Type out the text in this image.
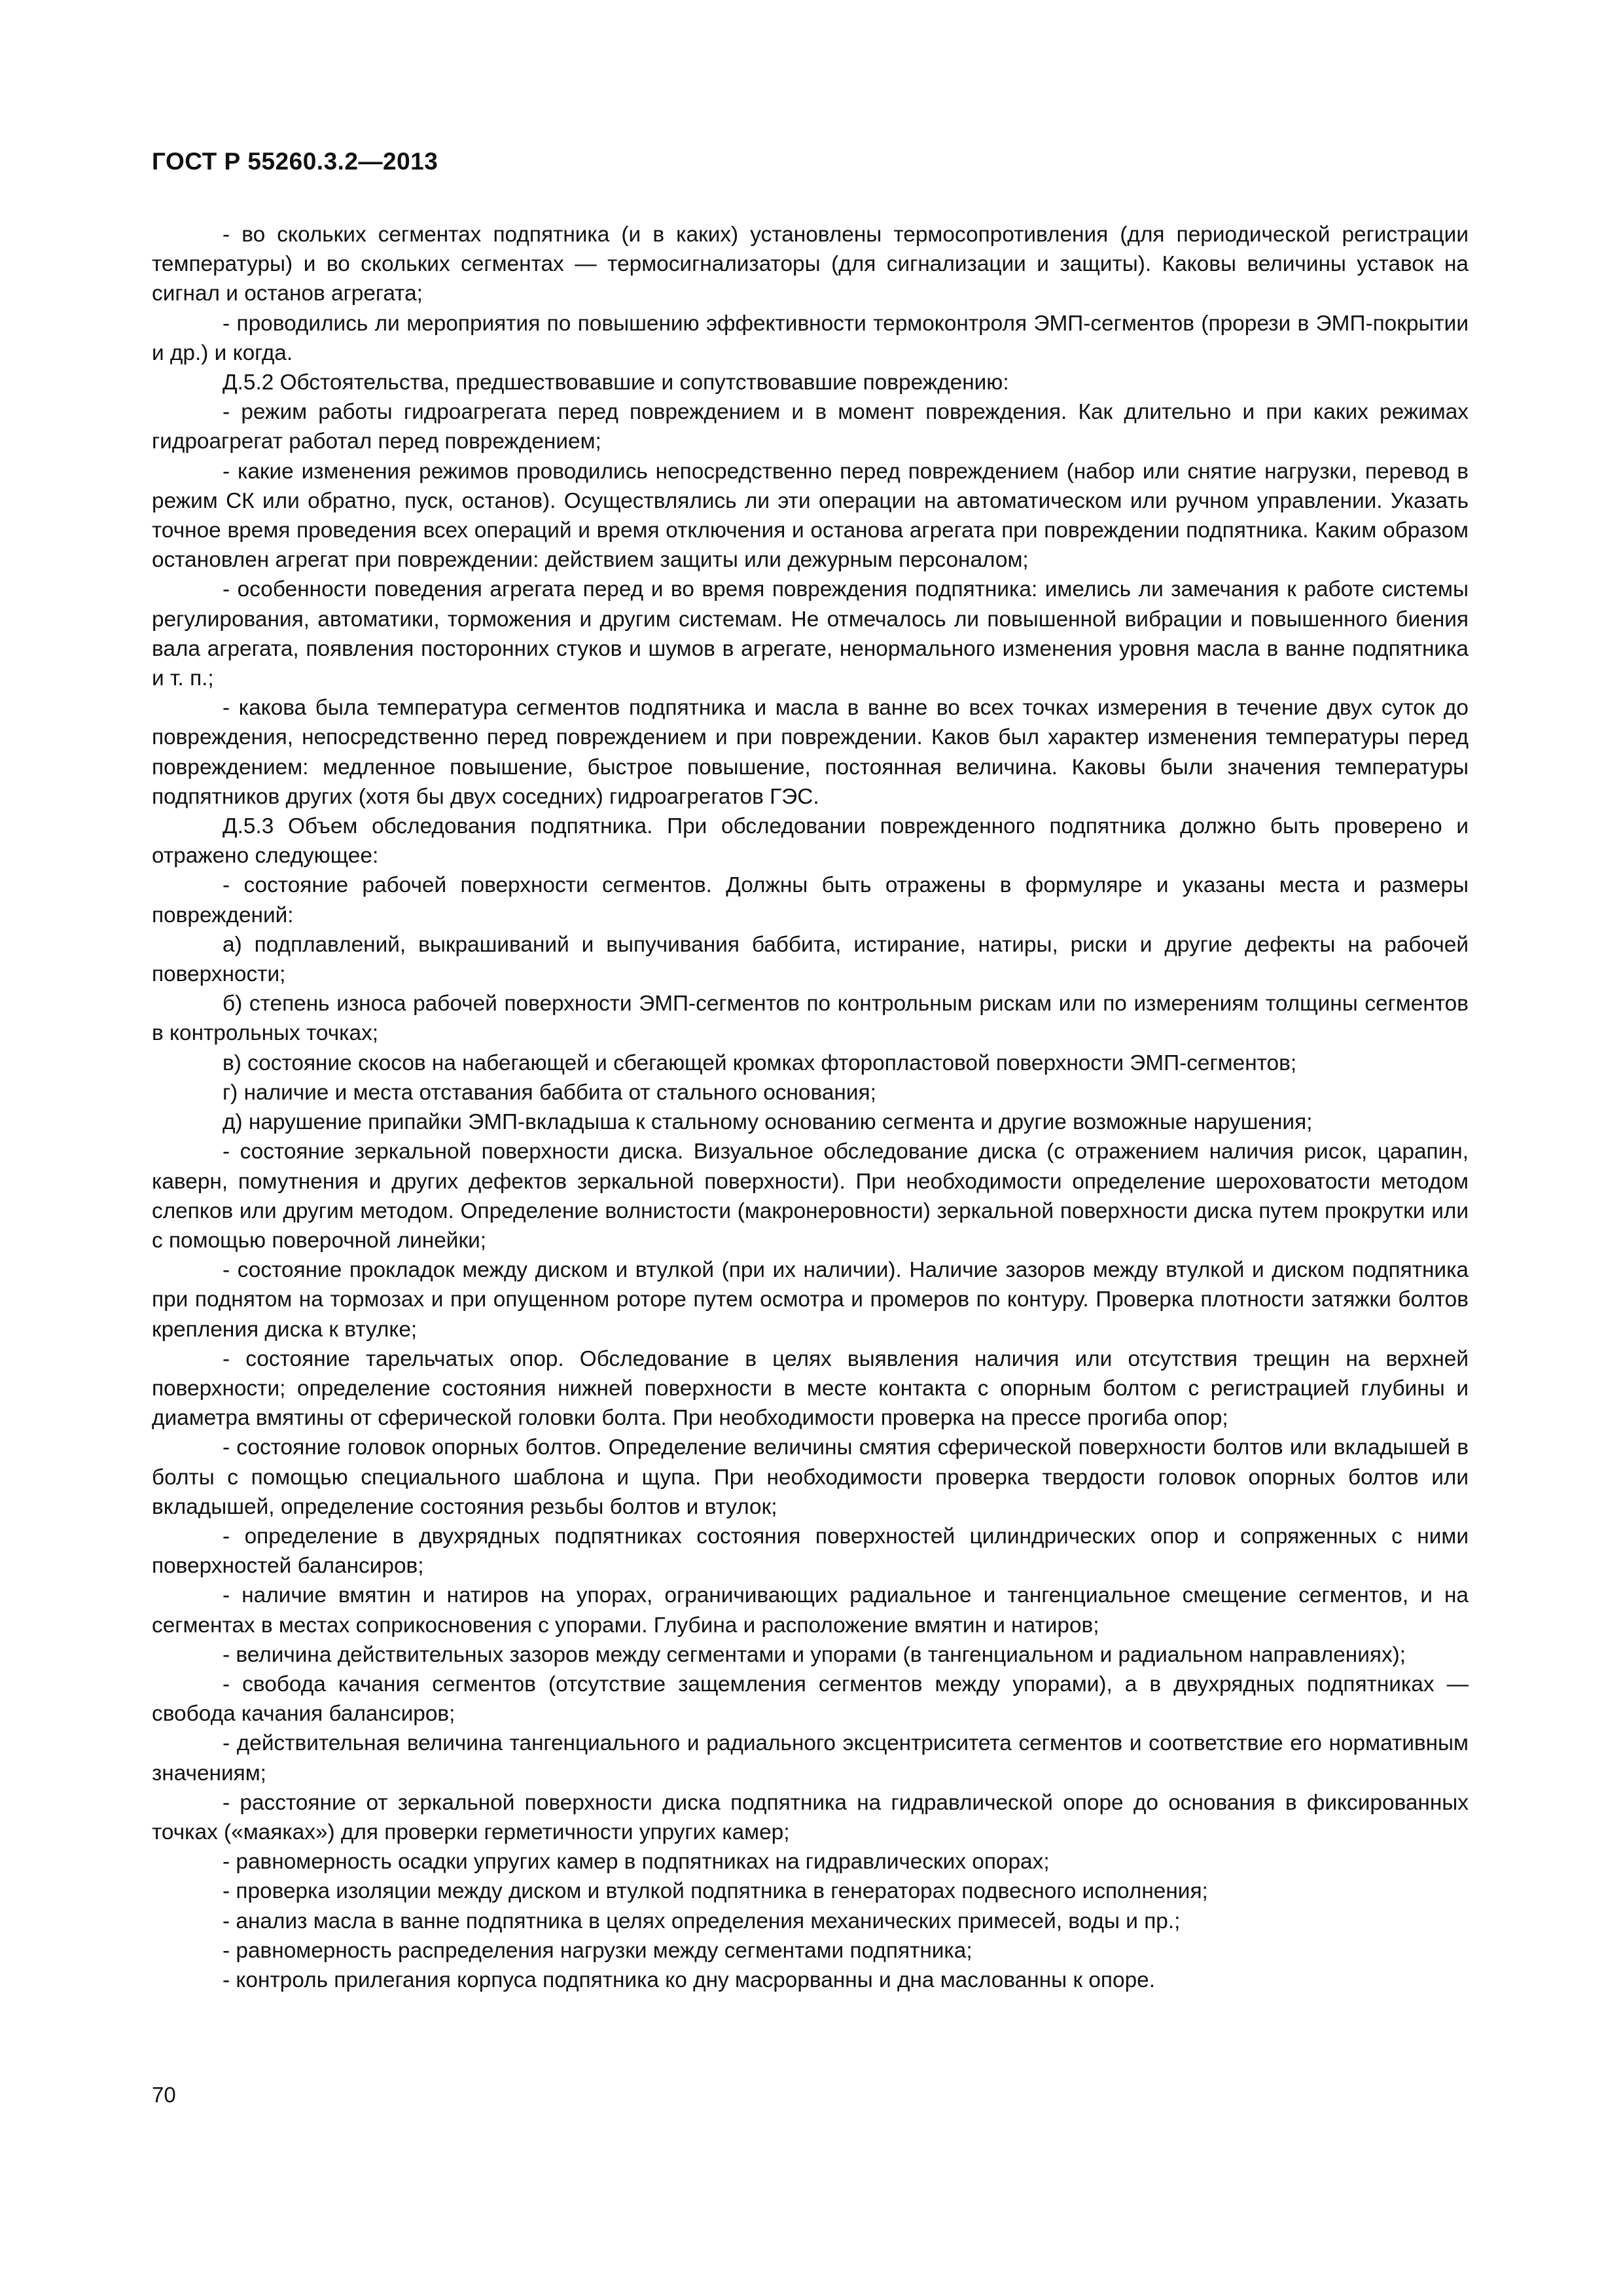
ГОСТ Р 55260.3.2—2013

- во скольких сегментах подпятника (и в каких) установлены термосопротивления (для периодической регистрации температуры) и во скольких сегментах — термосигнализаторы (для сигнализации и защиты). Каковы величины уставок на сигнал и останов агрегата;

- проводились ли мероприятия по повышению эффективности термоконтроля ЭМП-сегментов (прорези в ЭМП-покрытии и др.) и когда.

Д.5.2 Обстоятельства, предшествовавшие и сопутствовавшие повреждению:

- режим работы гидроагрегата перед повреждением и в момент повреждения. Как длительно и при каких режимах гидроагрегат работал перед повреждением;

- какие изменения режимов проводились непосредственно перед повреждением (набор или снятие нагрузки, перевод в режим СК или обратно, пуск, останов). Осуществлялись ли эти операции на автоматическом или ручном управлении. Указать точное время проведения всех операций и время отключения и останова агрегата при повреждении подпятника. Каким образом остановлен агрегат при повреждении: действием защиты или дежурным персоналом;

- особенности поведения агрегата перед и во время повреждения подпятника: имелись ли замечания к работе системы регулирования, автоматики, торможения и другим системам. Не отмечалось ли повышенной вибрации и повышенного биения вала агрегата, появления посторонних стуков и шумов в агрегате, ненормального изменения уровня масла в ванне подпятника и т. п.;

- какова была температура сегментов подпятника и масла в ванне во всех точках измерения в течение двух суток до повреждения, непосредственно перед повреждением и при повреждении. Каков был характер изменения температуры перед повреждением: медленное повышение, быстрое повышение, постоянная величина. Каковы были значения температуры подпятников других (хотя бы двух соседних) гидроагрегатов ГЭС.

Д.5.3 Объем обследования подпятника. При обследовании поврежденного подпятника должно быть проверено и отражено следующее:

- состояние рабочей поверхности сегментов. Должны быть отражены в формуляре и указаны места и размеры повреждений:

а) подплавлений, выкрашиваний и выпучивания баббита, истирание, натиры, риски и другие дефекты на рабочей поверхности;

б) степень износа рабочей поверхности ЭМП-сегментов по контрольным рискам или по измерениям толщины сегментов в контрольных точках;

в) состояние скосов на набегающей и сбегающей кромках фторопластовой поверхности ЭМП-сегментов;

г) наличие и места отставания баббита от стального основания;

д) нарушение припайки ЭМП-вкладыша к стальному основанию сегмента и другие возможные нарушения;

- состояние зеркальной поверхности диска. Визуальное обследование диска (с отражением наличия рисок, царапин, каверн, помутнения и других дефектов зеркальной поверхности). При необходимости определение шероховатости методом слепков или другим методом. Определение волнистости (макронеровности) зеркальной поверхности диска путем прокрутки или с помощью поверочной линейки;

- состояние прокладок между диском и втулкой (при их наличии). Наличие зазоров между втулкой и диском подпятника при поднятом на тормозах и при опущенном роторе путем осмотра и промеров по контуру. Проверка плотности затяжки болтов крепления диска к втулке;

- состояние тарельчатых опор. Обследование в целях выявления наличия или отсутствия трещин на верхней поверхности; определение состояния нижней поверхности в месте контакта с опорным болтом с регистрацией глубины и диаметра вмятины от сферической головки болта. При необходимости проверка на прессе прогиба опор;

- состояние головок опорных болтов. Определение величины смятия сферической поверхности болтов или вкладышей в болты с помощью специального шаблона и щупа. При необходимости проверка твердости головок опорных болтов или вкладышей, определение состояния резьбы болтов и втулок;

- определение в двухрядных подпятниках состояния поверхностей цилиндрических опор и сопряженных с ними поверхностей балансиров;

- наличие вмятин и натиров на упорах, ограничивающих радиальное и тангенциальное смещение сегментов, и на сегментах в местах соприкосновения с упорами. Глубина и расположение вмятин и натиров;

- величина действительных зазоров между сегментами и упорами (в тангенциальном и радиальном направлениях);

- свобода качания сегментов (отсутствие защемления сегментов между упорами), а в двухрядных подпятниках — свобода качания балансиров;

- действительная величина тангенциального и радиального эксцентриситета сегментов и соответствие его нормативным значениям;

- расстояние от зеркальной поверхности диска подпятника на гидравлической опоре до основания в фиксированных точках («маяках») для проверки герметичности упругих камер;

- равномерность осадки упругих камер в подпятниках на гидравлических опорах;

- проверка изоляции между диском и втулкой подпятника в генераторах подвесного исполнения;

- анализ масла в ванне подпятника в целях определения механических примесей, воды и пр.;

- равномерность распределения нагрузки между сегментами подпятника;

- контроль прилегания корпуса подпятника ко дну масpopванны и дна маслованны к опоре.

70
